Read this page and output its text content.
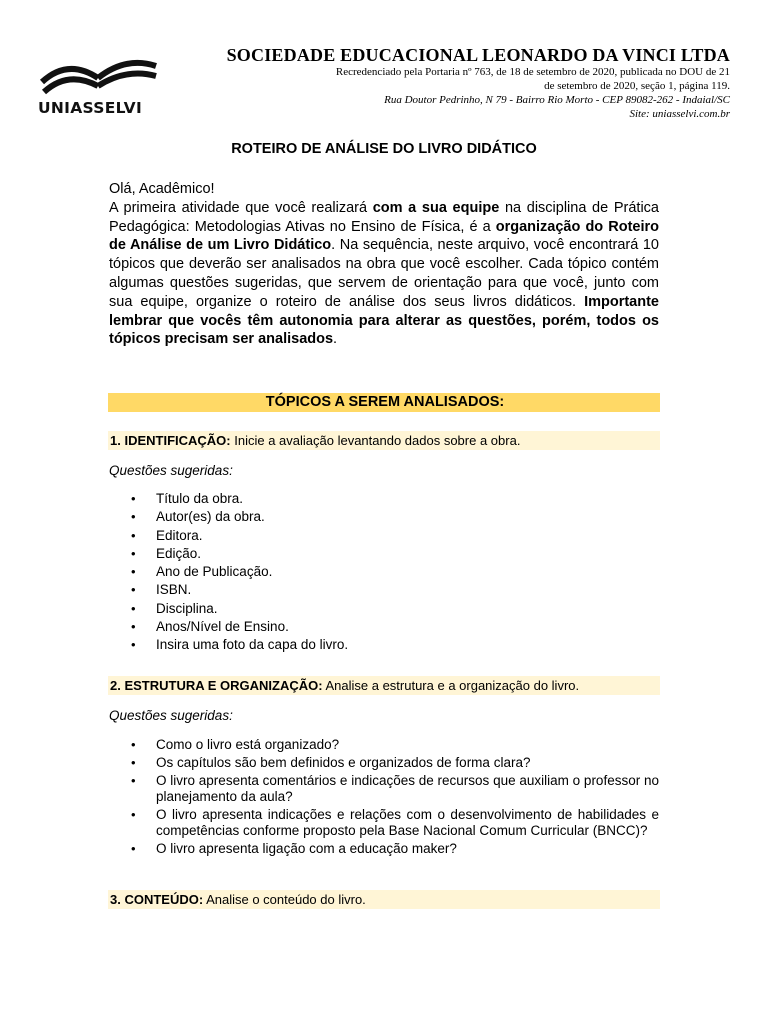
UNIASSELVI
SOCIEDADE EDUCACIONAL LEONARDO DA VINCI LTDA
Recredenciado pela Portaria nº 763, de 18 de setembro de 2020, publicada no DOU de 21
de setembro de 2020, seção 1, página 119.
Rua Doutor Pedrinho, N 79 - Bairro Rio Morto - CEP 89082-262 - Indaial/SC
Site: uniasselvi.com.br
ROTEIRO DE ANÁLISE DO LIVRO DIDÁTICO

Olá, Acadêmico!

A primeira atividade que você realizará com a sua equipe na disciplina de Prática Pedagógica: Metodologias Ativas no Ensino de Física, é a organização do Roteiro de Análise de um Livro Didático. Na sequência, neste arquivo, você encontrará 10 tópicos que deverão ser analisados na obra que você escolher. Cada tópico contém algumas questões sugeridas, que servem de orientação para que você, junto com sua equipe, organize o roteiro de análise dos seus livros didáticos. Importante lembrar que vocês têm autonomia para alterar as questões, porém, todos os tópicos precisam ser analisados.

TÓPICOS A SEREM ANALISADOS:
1. IDENTIFICAÇÃO: Inicie a avaliação levantando dados sobre a obra.
Questões sugeridas:
• Título da obra.
• Autor(es) da obra.
• Editora.
• Edição.
• Ano de Publicação.
• ISBN.
• Disciplina.
• Anos/Nível de Ensino.
• Insira uma foto da capa do livro.
2. ESTRUTURA E ORGANIZAÇÃO: Analise a estrutura e a organização do livro.
Questões sugeridas:
• Como o livro está organizado?
• Os capítulos são bem definidos e organizados de forma clara?
• O livro apresenta comentários e indicações de recursos que auxiliam o professor no planejamento da aula?
• O livro apresenta indicações e relações com o desenvolvimento de habilidades e competências conforme proposto pela Base Nacional Comum Curricular (BNCC)?
• O livro apresenta ligação com a educação maker?
3. CONTEÚDO: Analise o conteúdo do livro.
